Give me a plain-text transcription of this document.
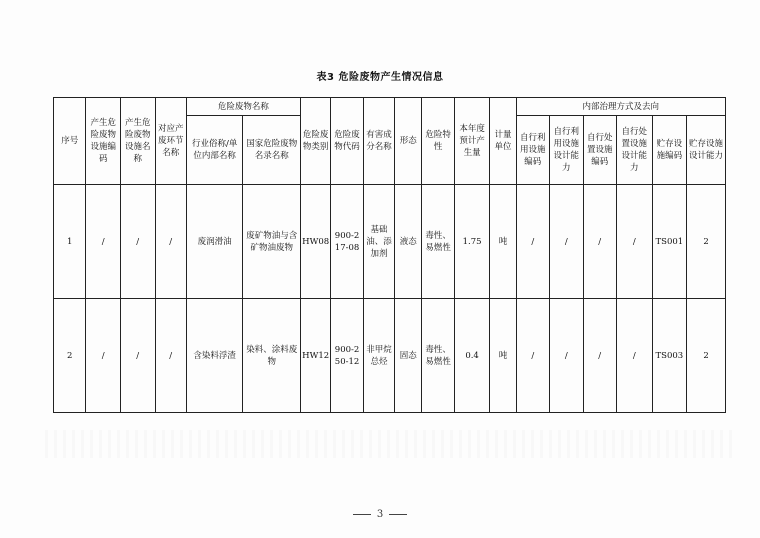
表3 危险废物产生情况信息
序号	产生危险废物设施编码	产生危险废物设施名称	对应产废环节名称	危险废物名称		危险废物类别	危险废物代码	有害成分名称	形态	危险特性	本年度预计产生量	计量单位	内部治理方式及去向					
				行业俗称/单位内部名称	国家危险废物名录名称								自行利用设施编码	自行利用设施设计能力	自行处置设施编码	自行处置设施设计能力	贮存设施编码	贮存设施设计能力
1	/	/	/	废润滑油	废矿物油与含矿物油废物	HW08	900-217-08	基础油、添加剂	液态	毒性、易燃性	1.75	吨	/	/	/	/	TS001	2
2	/	/	/	含染料浮渣	染料、涂料废物	HW12	900-250-12	非甲烷总烃	固态	毒性、易燃性	0.4	吨	/	/	/	/	TS003	2
3
